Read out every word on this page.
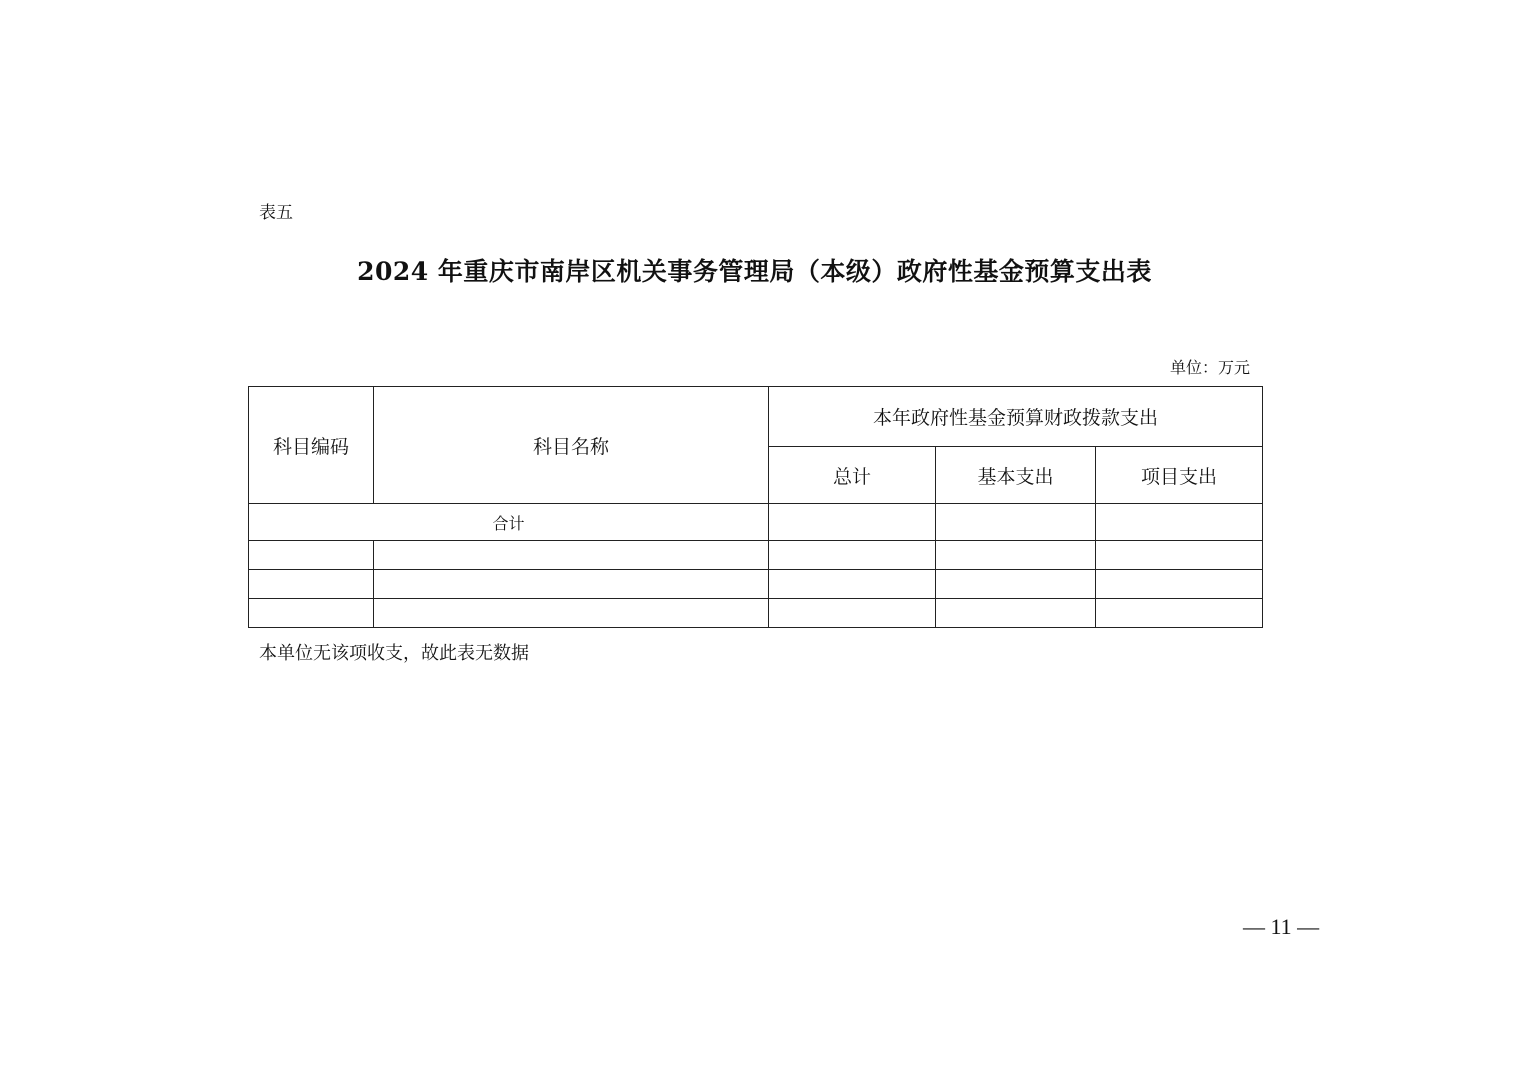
表五
2024 年重庆市南岸区机关事务管理局（本级）政府性基金预算支出表
单位：万元
科目编码	科目名称	本年政府性基金预算财政拨款支出		
		总计	基本支出	项目支出
合计				

本单位无该项收支，故此表无数据
— 11 —
